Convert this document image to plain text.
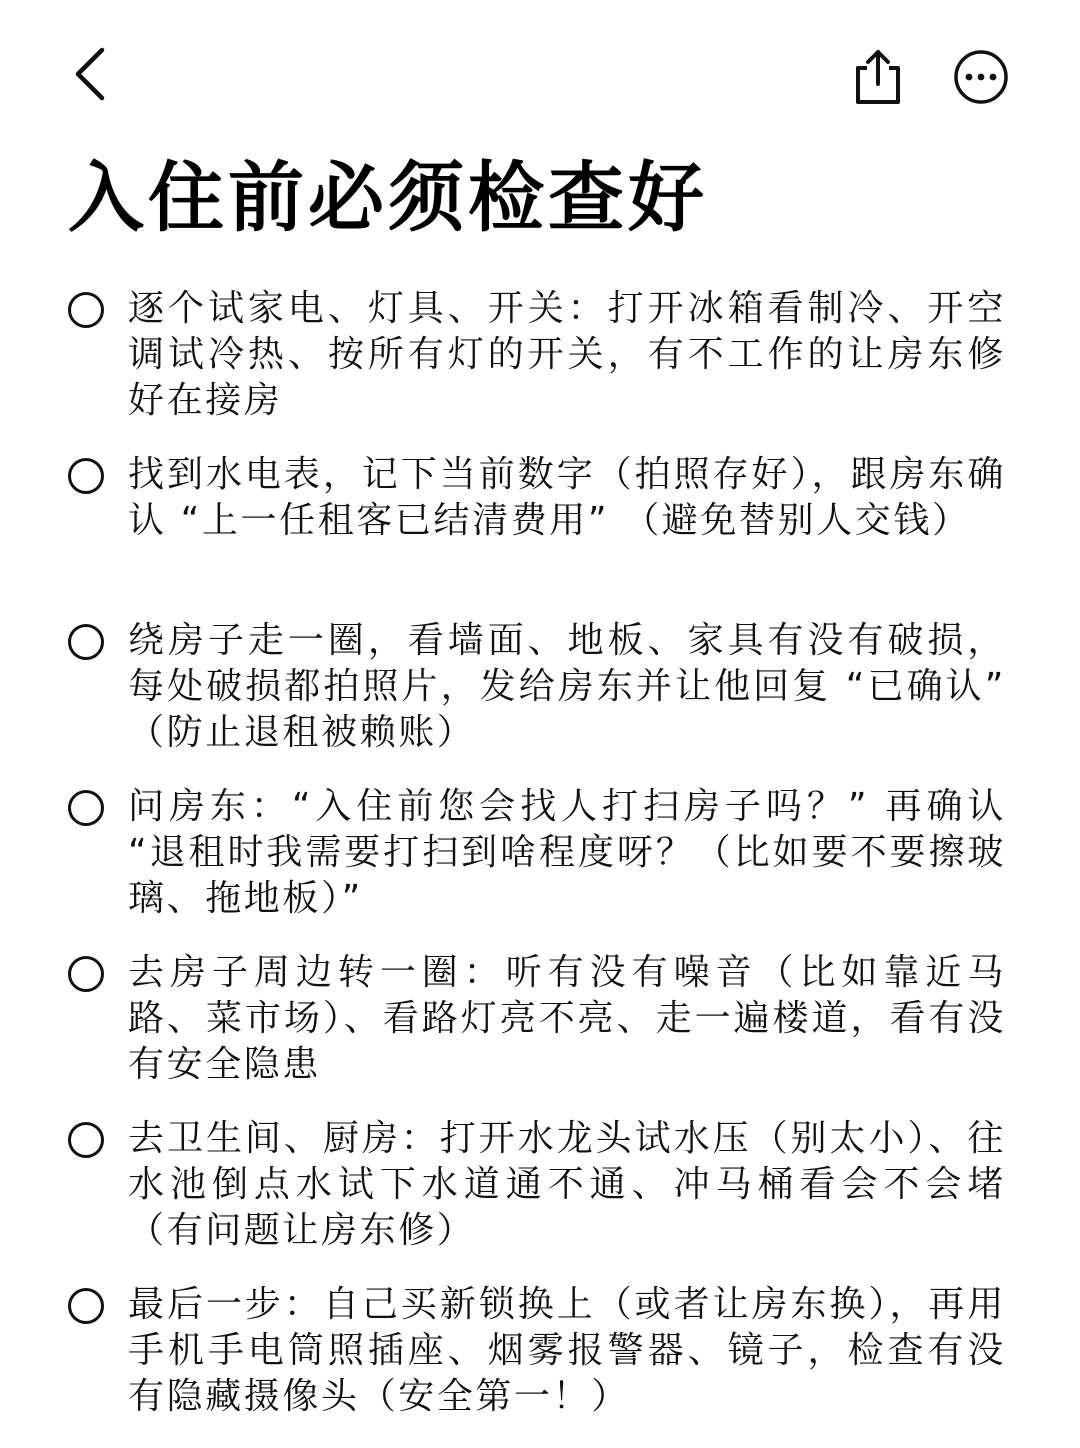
入住前必须检查好
逐个试家电、灯具、开关：打开冰箱看制冷、开空调试冷热、按所有灯的开关，有不工作的让房东修好在接房
找到水电表，记下当前数字（拍照存好），跟房东确认 “上一任租客已结清费用” （避免替别人交钱）
绕房子走一圈，看墙面、地板、家具有没有破损，每处破损都拍照片，发给房东并让他回复 “已确认” （防止退租被赖账）
问房东：“入住前您会找人打扫房子吗？” 再确认 “退租时我需要打扫到啥程度呀？（比如要不要擦玻璃、拖地板）”
去房子周边转一圈：听有没有噪音（比如靠近马路、菜市场）、看路灯亮不亮、走一遍楼道，看有没有安全隐患
去卫生间、厨房：打开水龙头试水压（别太小）、往水池倒点水试下水道通不通、冲马桶看会不会堵（有问题让房东修）
最后一步：自己买新锁换上（或者让房东换），再用手机手电筒照插座、烟雾报警器、镜子，检查有没有隐藏摄像头（安全第一！）
